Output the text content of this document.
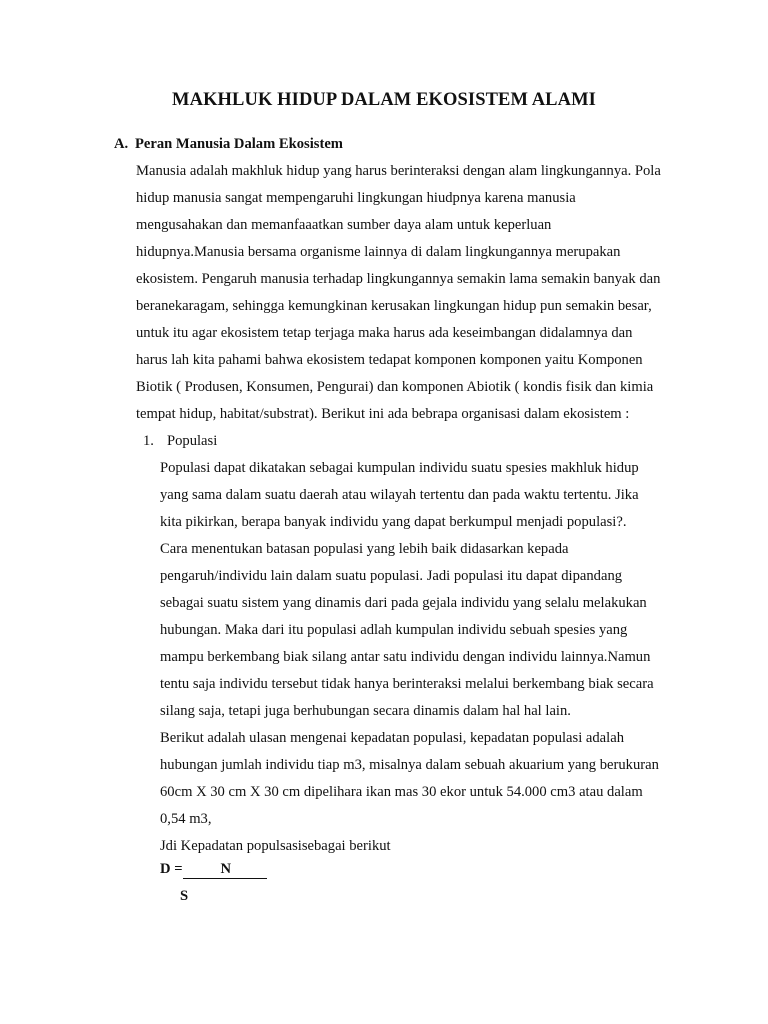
MAKHLUK HIDUP DALAM EKOSISTEM ALAMI
A. Peran Manusia Dalam Ekosistem
Manusia adalah makhluk hidup yang harus berinteraksi dengan alam lingkungannya. Pola
hidup manusia sangat mempengaruhi lingkungan hiudpnya karena manusia
mengusahakan dan memanfaaatkan sumber daya alam untuk keperluan
hidupnya.Manusia bersama organisme lainnya di dalam lingkungannya merupakan
ekosistem. Pengaruh manusia terhadap lingkungannya semakin lama semakin banyak dan
beranekaragam, sehingga kemungkinan kerusakan lingkungan hidup pun semakin besar,
untuk itu agar ekosistem tetap terjaga maka harus ada keseimbangan didalamnya dan
harus lah kita pahami bahwa ekosistem tedapat komponen komponen yaitu Komponen
Biotik ( Produsen, Konsumen, Pengurai) dan komponen Abiotik ( kondis fisik dan kimia
tempat hidup, habitat/substrat). Berikut ini ada bebrapa organisasi dalam ekosistem :
1. Populasi
Populasi dapat dikatakan sebagai kumpulan individu suatu spesies makhluk hidup
yang sama dalam suatu daerah atau wilayah tertentu dan pada waktu tertentu. Jika
kita pikirkan, berapa banyak individu yang dapat berkumpul menjadi populasi?.
Cara menentukan batasan populasi yang lebih baik didasarkan kepada
pengaruh/individu lain dalam suatu populasi. Jadi populasi itu dapat dipandang
sebagai suatu sistem yang dinamis dari pada gejala individu yang selalu melakukan
hubungan. Maka dari itu populasi adlah kumpulan individu sebuah spesies yang
mampu berkembang biak silang antar satu individu dengan individu lainnya.Namun
tentu saja individu tersebut tidak hanya berinteraksi melalui berkembang biak secara
silang saja, tetapi juga berhubungan secara dinamis dalam hal hal lain.
Berikut adalah ulasan mengenai kepadatan populasi, kepadatan populasi adalah
hubungan jumlah individu tiap m3, misalnya dalam sebuah akuarium yang berukuran
60cm X 30 cm X 30 cm dipelihara ikan mas 30 ekor untuk 54.000 cm3 atau dalam
0,54 m3,
Jdi Kepadatan populsasisebagai berikut
D =	N
S
